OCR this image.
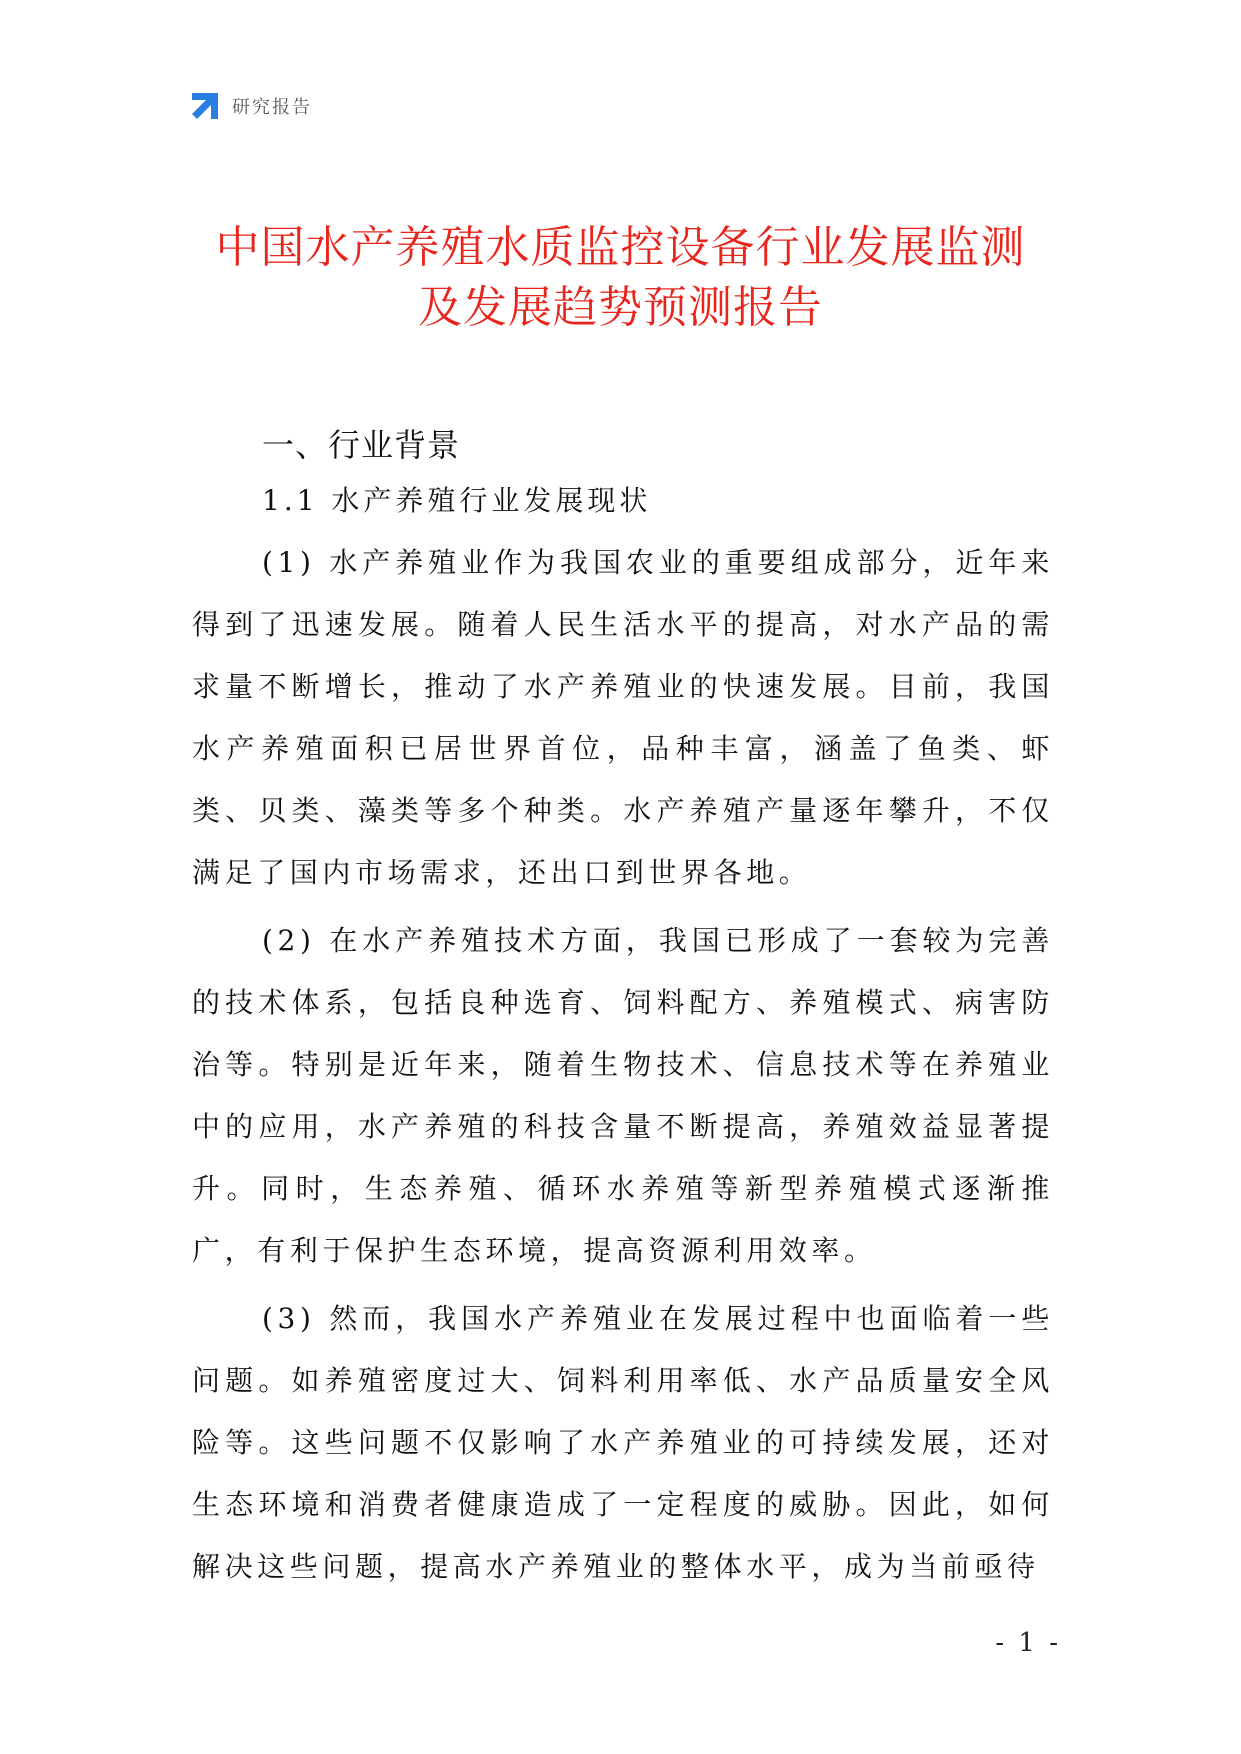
研究报告
中国水产养殖水质监控设备行业发展监测
及发展趋势预测报告
一、行业背景
1.1 水产养殖行业发展现状

(1) 水产养殖业作为我国农业的重要组成部分，近年来得到了迅速发展。随着人民生活水平的提高，对水产品的需求量不断增长，推动了水产养殖业的快速发展。目前，我国水产养殖面积已居世界首位，品种丰富，涵盖了鱼类、虾类、贝类、藻类等多个种类。水产养殖产量逐年攀升，不仅满足了国内市场需求，还出口到世界各地。

(2) 在水产养殖技术方面，我国已形成了一套较为完善的技术体系，包括良种选育、饲料配方、养殖模式、病害防治等。特别是近年来，随着生物技术、信息技术等在养殖业中的应用，水产养殖的科技含量不断提高，养殖效益显著提升。同时，生态养殖、循环水养殖等新型养殖模式逐渐推广，有利于保护生态环境，提高资源利用效率。

(3) 然而，我国水产养殖业在发展过程中也面临着一些问题。如养殖密度过大、饲料利用率低、水产品质量安全风险等。这些问题不仅影响了水产养殖业的可持续发展，还对生态环境和消费者健康造成了一定程度的威胁。因此，如何解决这些问题，提高水产养殖业的整体水平，成为当前亟待

- 1 -
